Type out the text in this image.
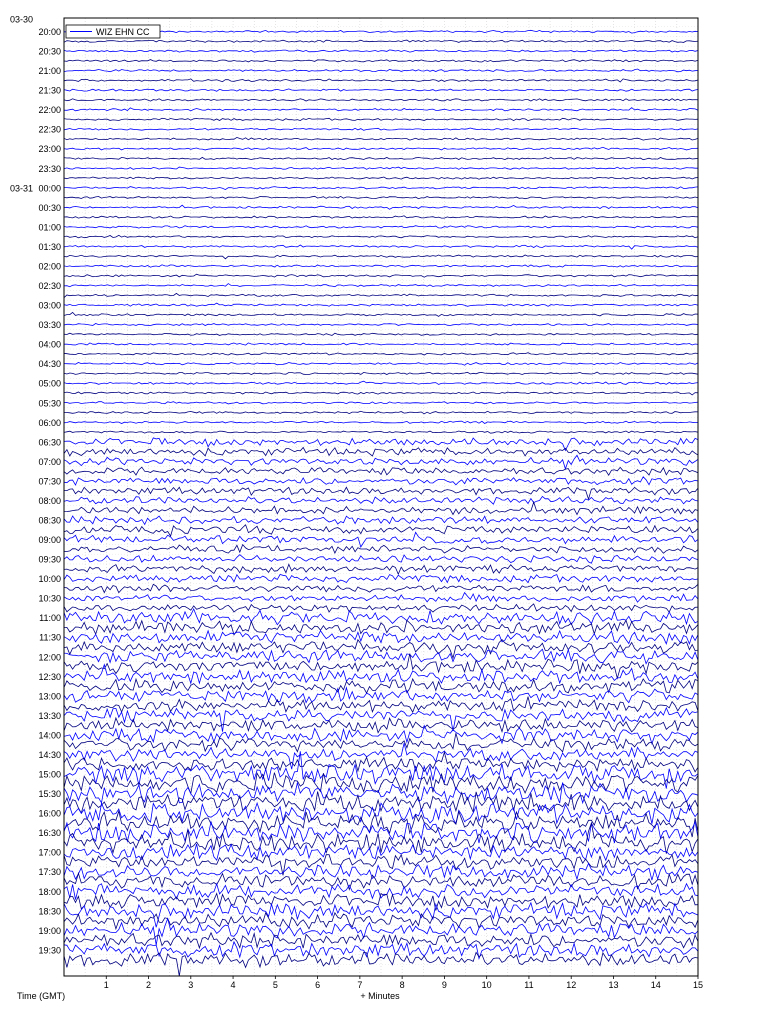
20:00
03-30
20:30
21:00
21:30
22:00
22:30
23:00
23:30
00:00
03-31
00:30
01:00
01:30
02:00
02:30
03:00
03:30
04:00
04:30
05:00
05:30
06:00
06:30
07:00
07:30
08:00
08:30
09:00
09:30
10:00
10:30
11:00
11:30
12:00
12:30
13:00
13:30
14:00
14:30
15:00
15:30
16:00
16:30
17:00
17:30
18:00
18:30
19:00
19:30
1	2	3	4	5	6	7	8	9	10	11	12	13	14	15
WIZ EHN CC
Time (GMT)	+ Minutes
